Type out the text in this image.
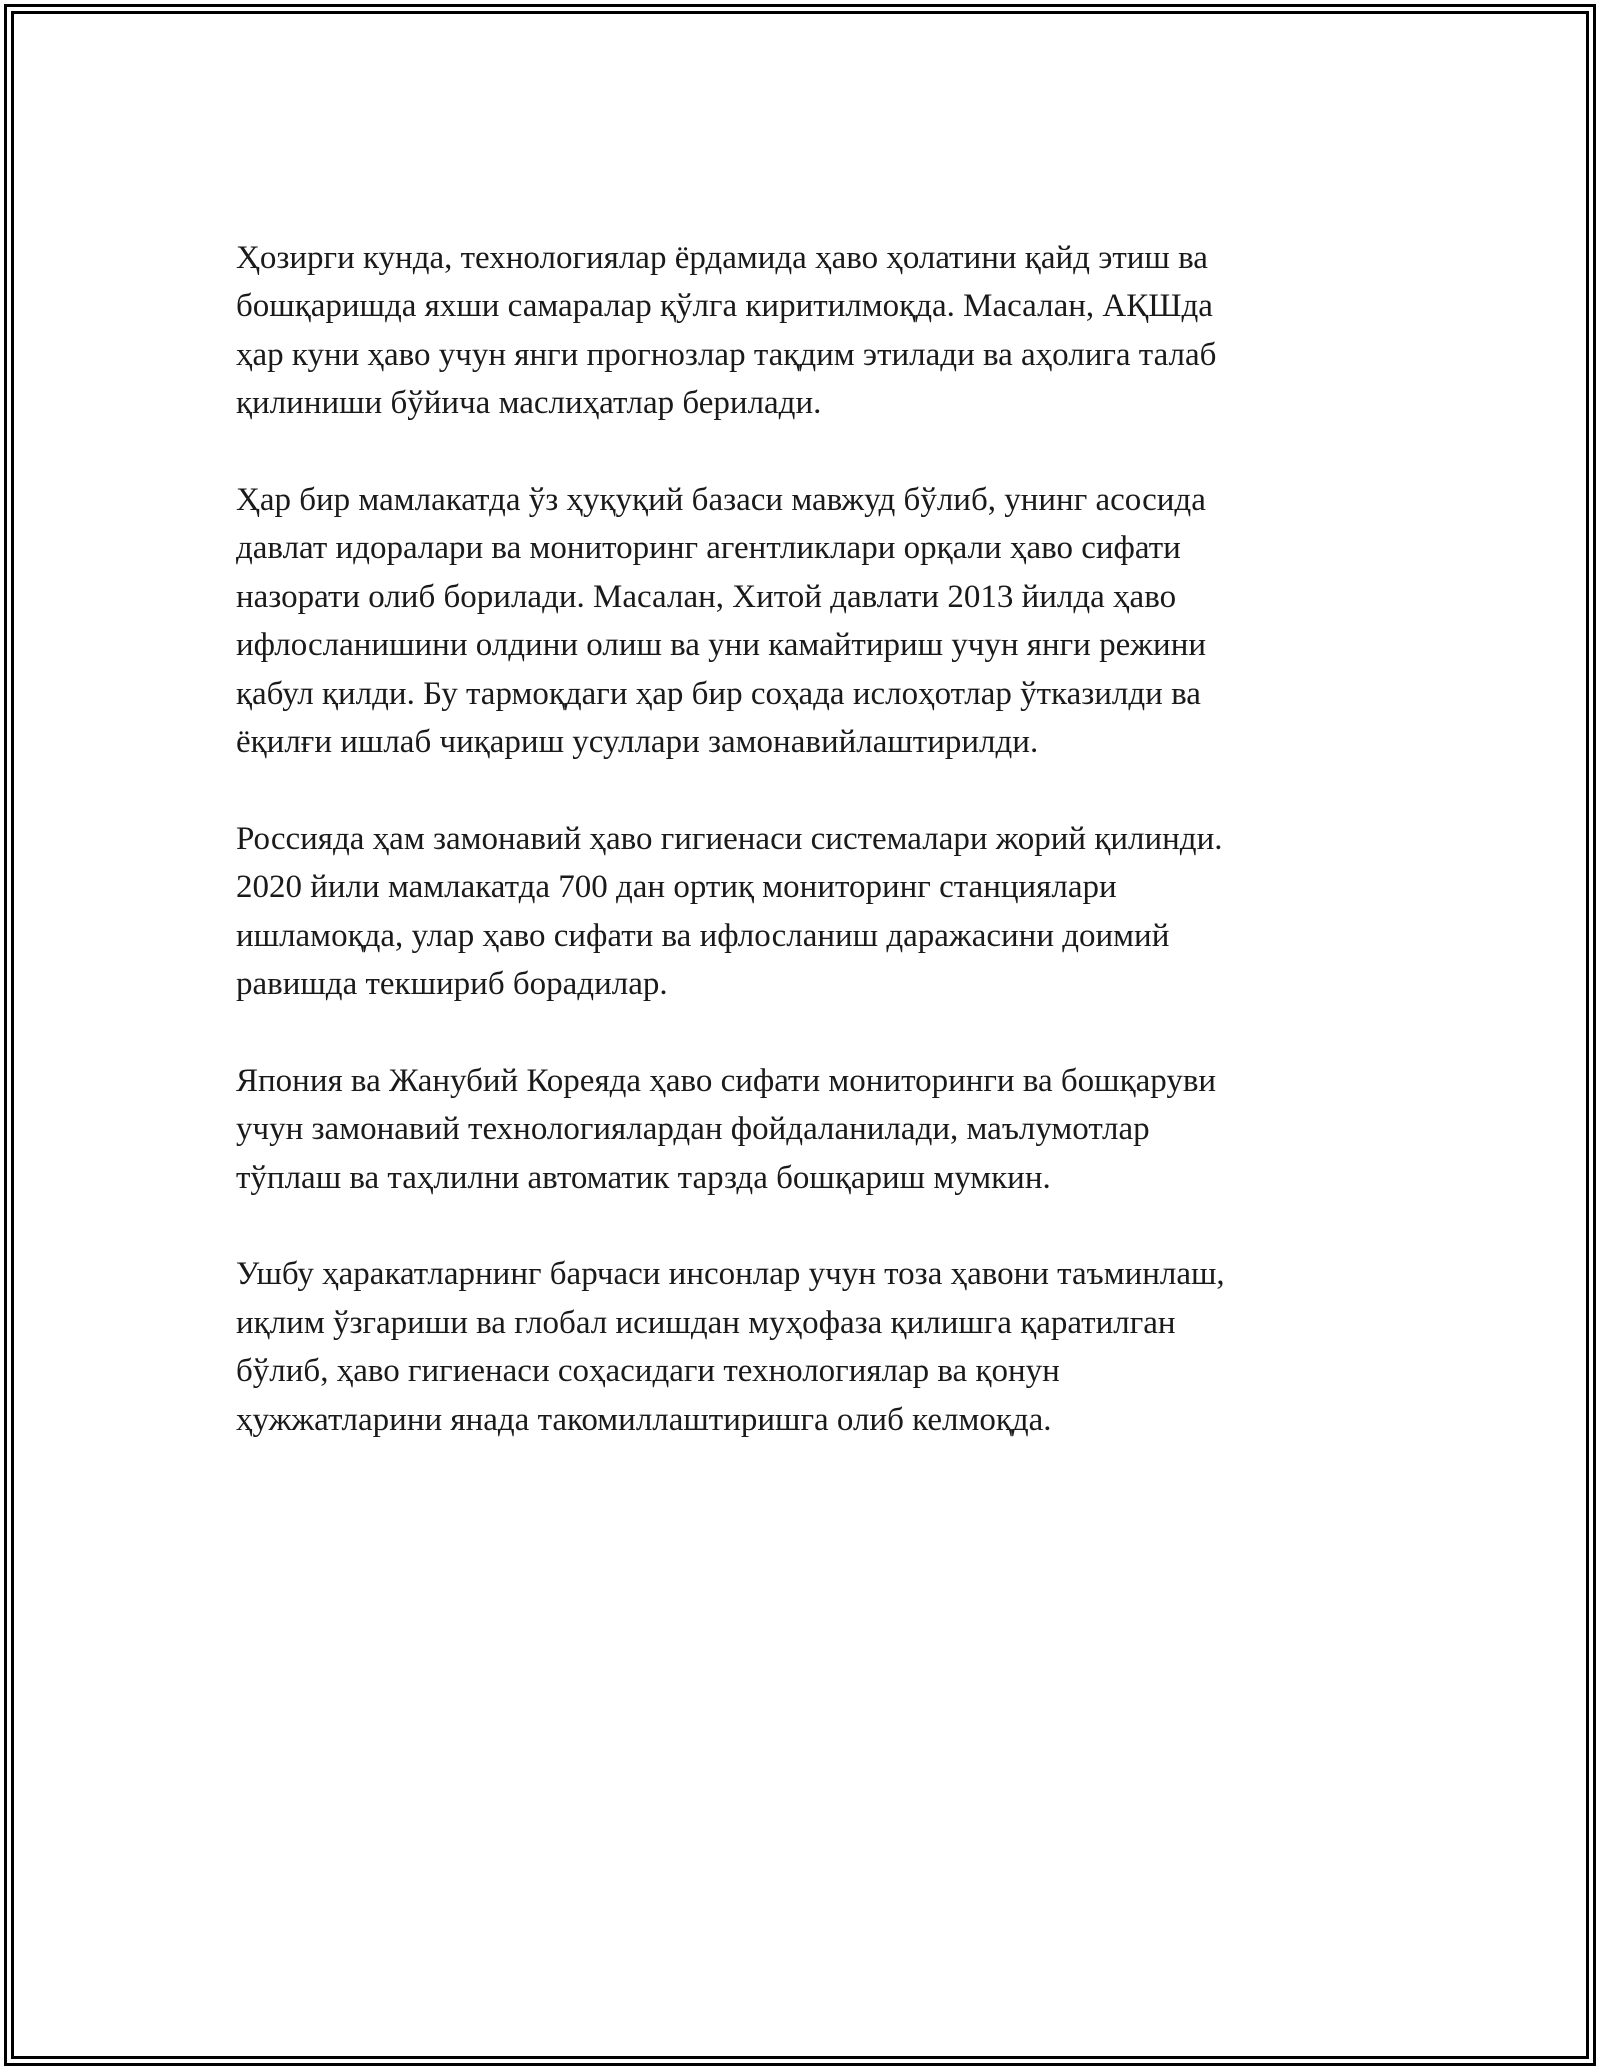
Ҳозирги кунда, технологиялар ёрдамида ҳаво ҳолатини қайд этиш ва
бошқаришда яхши самаралар қўлга киритилмоқда. Масалан, АҚШда
ҳар куни ҳаво учун янги прогнозлар тақдим этилади ва аҳолига талаб
қилиниши бўйича маслиҳатлар берилади.

Ҳар бир мамлакатда ўз ҳуқуқий базаси мавжуд бўлиб, унинг асосида
давлат идоралари ва мониторинг агентликлари орқали ҳаво сифати
назорати олиб борилади. Масалан, Хитой давлати 2013 йилда ҳаво
ифлосланишини олдини олиш ва уни камайтириш учун янги режини
қабул қилди. Бу тармоқдаги ҳар бир соҳада ислоҳотлар ўтказилди ва
ёқилғи ишлаб чиқариш усуллари замонавийлаштирилди.

Россияда ҳам замонавий ҳаво гигиенаси системалари жорий қилинди.
2020 йили мамлакатда 700 дан ортиқ мониторинг станциялари
ишламоқда, улар ҳаво сифати ва ифлосланиш даражасини доимий
равишда текшириб борадилар.

Япония ва Жанубий Кореяда ҳаво сифати мониторинги ва бошқаруви
учун замонавий технологиялардан фойдаланилади, маълумотлар
тўплаш ва таҳлилни автоматик тарзда бошқариш мумкин.

Ушбу ҳаракатларнинг барчаси инсонлар учун тоза ҳавони таъминлаш,
иқлим ўзгариши ва глобал исишдан муҳофаза қилишга қаратилган
бўлиб, ҳаво гигиенаси соҳасидаги технологиялар ва қонун
ҳужжатларини янада такомиллаштиришга олиб келмоқда.
